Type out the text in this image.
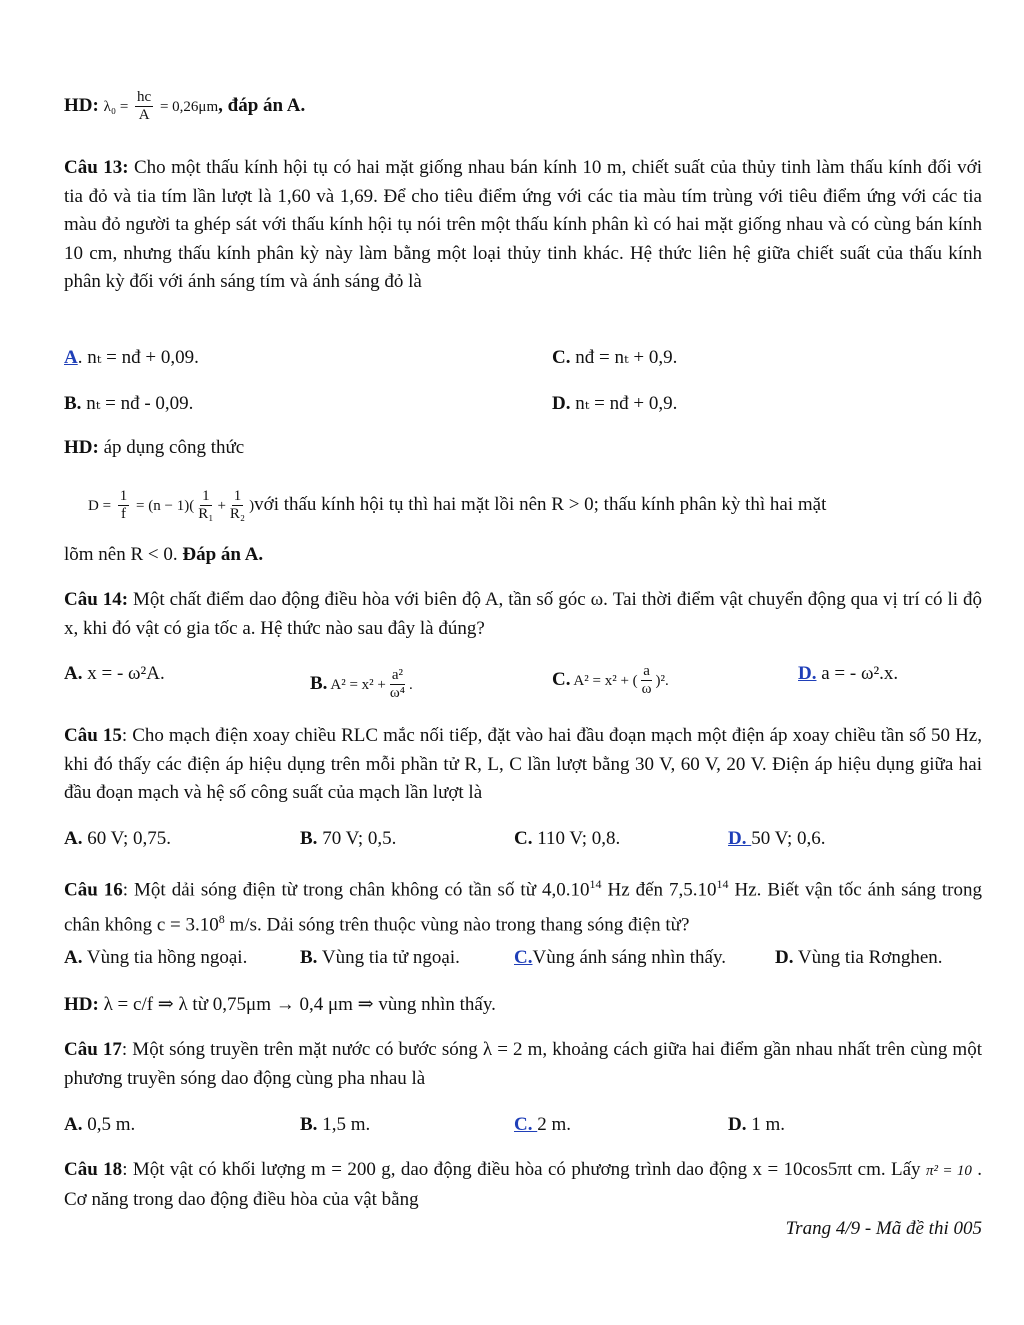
HD: $\lambda_0 = \frac{hc}{A} = 0,26\mu m$, đáp án A.

Câu 13: Cho một thấu kính hội tụ có hai mặt giống nhau bán kính 10 m, chiết suất của thủy tinh làm thấu kính đối với tia đỏ và tia tím lần lượt là 1,60 và 1,69. Để cho tiêu điểm ứng với các tia màu tím trùng với tiêu điểm ứng với các tia màu đỏ người ta ghép sát với thấu kính hội tụ nói trên một thấu kính phân kì có hai mặt giống nhau và có cùng bán kính 10 cm, nhưng thấu kính phân kỳ này làm bằng một loại thủy tinh khác. Hệ thức liên hệ giữa chiết suất của thấu kính phân kỳ đối với ánh sáng tím và ánh sáng đỏ là

A. nₜ = nđ + 0,09.	C. nđ = nₜ + 0,9.
B. nₜ = nđ - 0,09.	D. nₜ = nđ + 0,9.
HD: áp dụng công thức
$D = \frac{1}{f} = (n - 1)( \frac{1}{\text{R₁}} + \frac{1}{\text{R₂}}$ )với thấu kính hội tụ thì hai mặt lồi nên R > 0; thấu kính phân kỳ thì hai mặt
lõm nên R < 0. Đáp án A.

Câu 14: Một chất điểm dao động điều hòa với biên độ A, tần số góc ω. Tai thời điểm vật chuyển động qua vị trí có li độ x, khi đó vật có gia tốc a. Hệ thức nào sau đây là đúng?

A. x = - ω²A.	B. $A^2 = x^2 + \frac{\text{a²}}{\text{ω⁴}}$ .	C. A² = x² + ( $\frac{a}{\omega} )^2$.	D. a = - ω².x.

Câu 15: Cho mạch điện xoay chiều RLC mắc nối tiếp, đặt vào hai đầu đoạn mạch một điện áp xoay chiều tần số 50 Hz, khi đó thấy các điện áp hiệu dụng trên mỗi phần tử R, L, C lần lượt bằng 30 V, 60 V, 20 V. Điện áp hiệu dụng giữa hai đầu đoạn mạch và hệ số công suất của mạch lần lượt là

A. 60 V; 0,75.	B. 70 V; 0,5.	C. 110 V; 0,8.	D. 50 V; 0,6.

Câu 16: Một dải sóng điện từ trong chân không có tần số từ 4,0.10$^{14}$ Hz đến 7,5.10$^{14}$ Hz. Biết vận tốc ánh sáng trong chân không $c = 3.10^8$ m/s. Dải sóng trên thuộc vùng nào trong thang sóng điện từ?

A. Vùng tia hồng ngoại.	B. Vùng tia tử ngoại.	C.Vùng ánh sáng nhìn thấy.	D. Vùng tia Rơnghen.
HD: λ = c/f ⇒ λ từ 0,75μm → 0,4 μm ⇒ vùng nhìn thấy.

Câu 17: Một sóng truyền trên mặt nước có bước sóng λ = 2 m, khoảng cách giữa hai điểm gần nhau nhất trên cùng một phương truyền sóng dao động cùng pha nhau là

A. 0,5 m.	B. 1,5 m.	C. 2 m.	D. 1 m.

Câu 18: Một vật có khối lượng m = 200 g, dao động điều hòa có phương trình dao động x = 10cos5πt cm. Lấy π² = 10 . Cơ năng trong dao động điều hòa của vật bằng

Trang 4/9 - Mã đề thi 005
